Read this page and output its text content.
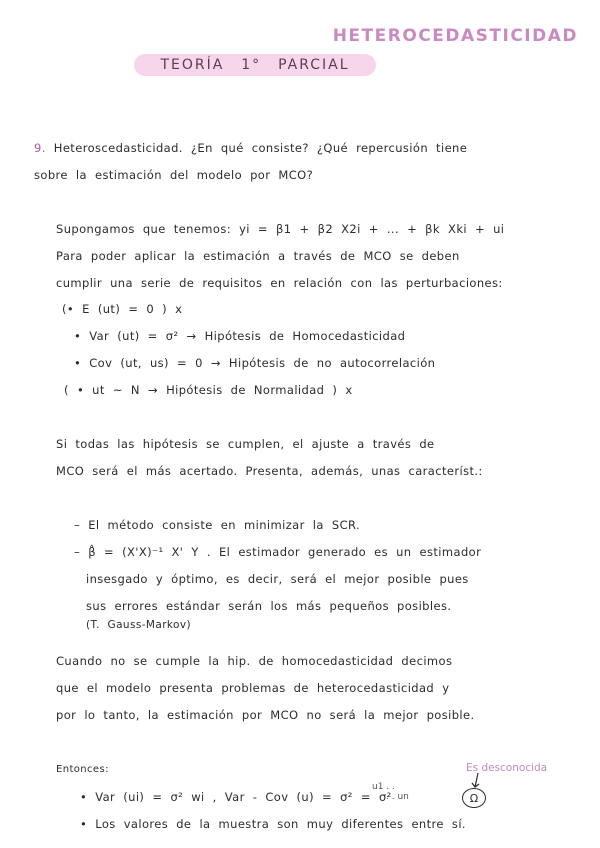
HETEROCEDASTICIDAD
TEORÍA 1° PARCIAL
9. Heteroscedasticidad. ¿En qué consiste? ¿Qué repercusión tiene
sobre la estimación del modelo por MCO?
Supongamos que tenemos: yi = β1 + β2 X2i + ... + βk Xki + ui
Para poder aplicar la estimación a través de MCO se deben
cumplir una serie de requisitos en relación con las perturbaciones:
(• E (ut) = 0 ) x
• Var (ut) = σ² → Hipótesis de Homocedasticidad
• Cov (ut, us) = 0 → Hipótesis de no autocorrelación
( • ut ~ N → Hipótesis de Normalidad ) x
Si todas las hipótesis se cumplen, el ajuste a través de
MCO será el más acertado. Presenta, además, unas característ.:
– El método consiste en minimizar la SCR.
– β̂ = (X'X)⁻¹ X' Y . El estimador generado es un estimador
insesgado y óptimo, es decir, será el mejor posible pues
sus errores estándar serán los más pequeños posibles.
(T. Gauss-Markov)
Cuando no se cumple la hip. de homocedasticidad decimos
que el modelo presenta problemas de heterocedasticidad y
por lo tanto, la estimación por MCO no será la mejor posible.
Entonces:
• Var (ui) = σ² wi , Var - Cov (u) = σ² = σ²
u1 . .
. . un	Ω
Es desconocida
• Los valores de la muestra son muy diferentes entre sí.
